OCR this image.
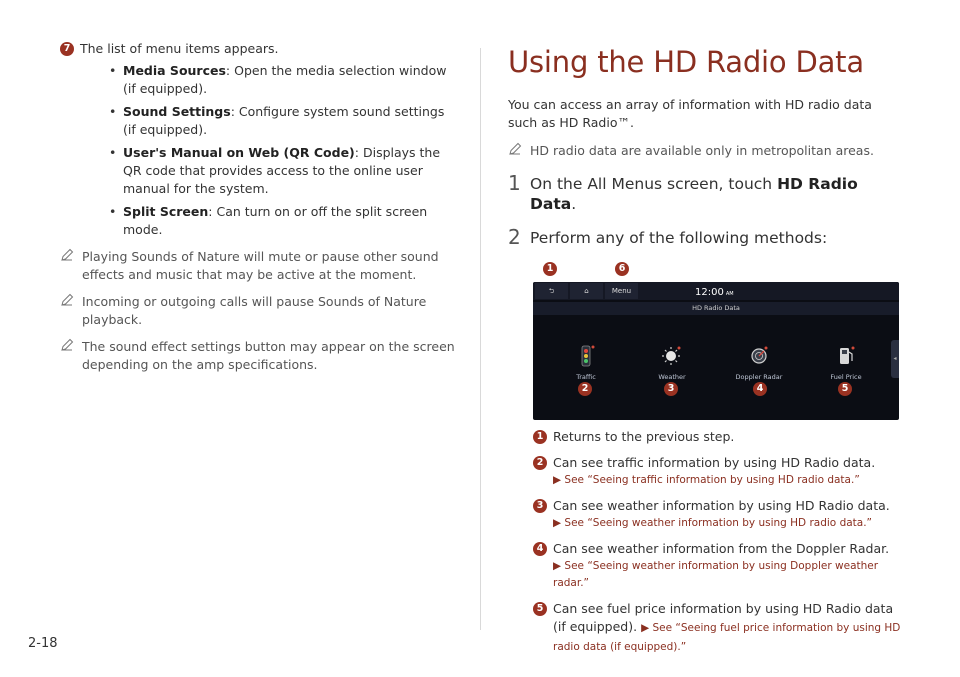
7 The list of menu items appears.
• Media Sources: Open the media selection window (if equipped).
• Sound Settings: Configure system sound settings (if equipped).
• User's Manual on Web (QR Code): Displays the QR code that provides access to the online user manual for the system.
• Split Screen: Can turn on or off the split screen mode.
Playing Sounds of Nature will mute or pause other sound effects and music that may be active at the moment.
Incoming or outgoing calls will pause Sounds of Nature playback.
The sound effect settings button may appear on the screen depending on the amp specifications.
Using the HD Radio Data

You can access an array of information with HD radio data such as HD Radio™.

HD radio data are available only in metropolitan areas.
1 On the All Menus screen, touch HD Radio Data.
2 Perform any of the following methods:
1	6
⮌	⌂	Menu	12:00 AM
HD Radio Data
Traffic	Weather	Doppler Radar	Fuel Price
◂
2	3	4	5
1 Returns to the previous step.
2 Can see traffic information by using HD Radio data.
▶ See “Seeing traffic information by using HD radio data.”
3 Can see weather information by using HD Radio data.
▶ See “Seeing weather information by using HD radio data.”
4 Can see weather information from the Doppler Radar.
▶ See “Seeing weather information by using Doppler weather radar.”
5 Can see fuel price information by using HD Radio data (if equipped). ▶ See “Seeing fuel price information by using HD radio data (if equipped).”
2-18
